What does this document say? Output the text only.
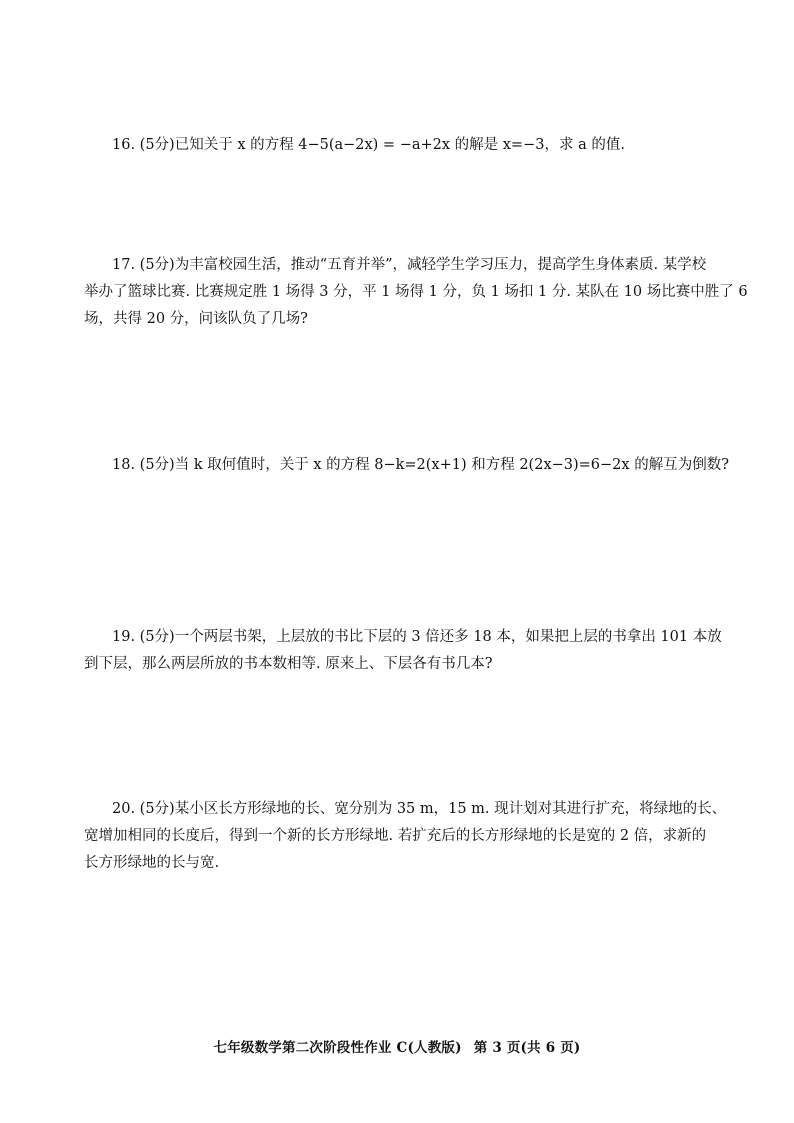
16. (5分)已知关于 x 的方程 4−5(a−2x) = −a+2x 的解是 x=−3，求 a 的值.
17. (5分)为丰富校园生活，推动“五育并举”，减轻学生学习压力，提高学生身体素质. 某学校
举办了篮球比赛. 比赛规定胜 1 场得 3 分，平 1 场得 1 分，负 1 场扣 1 分. 某队在 10 场比赛中胜了 6
场，共得 20 分，问该队负了几场?
18. (5分)当 k 取何值时，关于 x 的方程 8−k=2(x+1) 和方程 2(2x−3)=6−2x 的解互为倒数?
19. (5分)一个两层书架，上层放的书比下层的 3 倍还多 18 本，如果把上层的书拿出 101 本放
到下层，那么两层所放的书本数相等. 原来上、下层各有书几本?
20. (5分)某小区长方形绿地的长、宽分别为 35 m，15 m. 现计划对其进行扩充，将绿地的长、
宽增加相同的长度后，得到一个新的长方形绿地. 若扩充后的长方形绿地的长是宽的 2 倍，求新的
长方形绿地的长与宽.
七年级数学第二次阶段性作业 C(人教版) 第 3 页(共 6 页)
